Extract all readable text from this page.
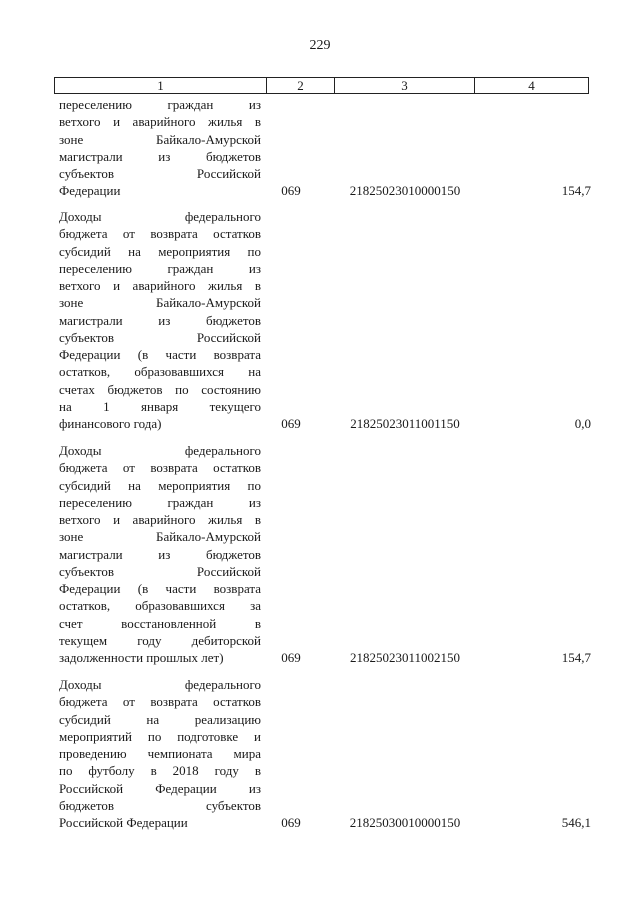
229
1	2	3	4
переселению граждан из
ветхого и аварийного жилья в
зоне Байкало-Амурской
магистрали из бюджетов
субъектов Российской
Федерации	069	21825023010000150	154,7
Доходы федерального
бюджета от возврата остатков
субсидий на мероприятия по
переселению граждан из
ветхого и аварийного жилья в
зоне Байкало-Амурской
магистрали из бюджетов
субъектов Российской
Федерации (в части возврата
остатков, образовавшихся на
счетах бюджетов по состоянию
на 1 января текущего
финансового года)	069	21825023011001150	0,0
Доходы федерального
бюджета от возврата остатков
субсидий на мероприятия по
переселению граждан из
ветхого и аварийного жилья в
зоне Байкало-Амурской
магистрали из бюджетов
субъектов Российской
Федерации (в части возврата
остатков, образовавшихся за
счет восстановленной в
текущем году дебиторской
задолженности прошлых лет)	069	21825023011002150	154,7
Доходы федерального
бюджета от возврата остатков
субсидий на реализацию
мероприятий по подготовке и
проведению чемпионата мира
по футболу в 2018 году в
Российской Федерации из
бюджетов субъектов
Российской Федерации	069	21825030010000150	546,1
